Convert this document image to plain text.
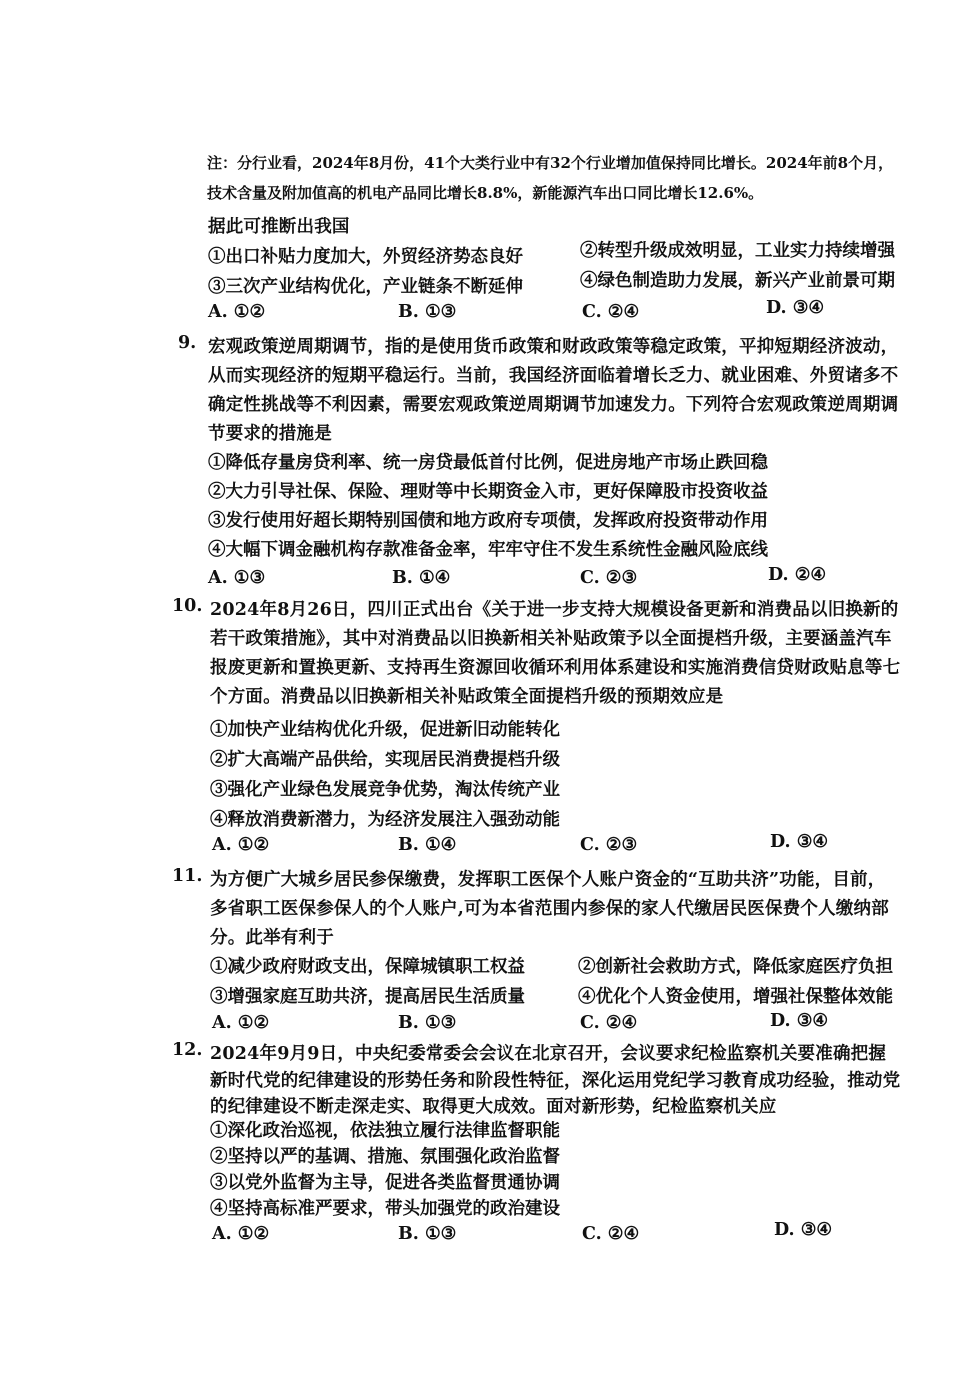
注：分行业看，2024年8月份，41个大类行业中有32个行业增加值保持同比增长。2024年前8个月，
技术含量及附加值高的机电产品同比增长8.8%，新能源汽车出口同比增长12.6%。
据此可推断出我国
①出口补贴力度加大，外贸经济势态良好	②转型升级成效明显，工业实力持续增强
③三次产业结构优化，产业链条不断延伸	④绿色制造助力发展，新兴产业前景可期
A. ①②	B. ①③	C. ②④	D. ③④
9. 宏观政策逆周期调节，指的是使用货币政策和财政政策等稳定政策，平抑短期经济波动，
从而实现经济的短期平稳运行。当前，我国经济面临着增长乏力、就业困难、外贸诸多不
确定性挑战等不利因素，需要宏观政策逆周期调节加速发力。下列符合宏观政策逆周期调
节要求的措施是
①降低存量房贷利率、统一房贷最低首付比例，促进房地产市场止跌回稳
②大力引导社保、保险、理财等中长期资金入市，更好保障股市投资收益
③发行使用好超长期特别国债和地方政府专项债，发挥政府投资带动作用
④大幅下调金融机构存款准备金率，牢牢守住不发生系统性金融风险底线
A. ①③	B. ①④	C. ②③	D. ②④
10. 2024年8月26日，四川正式出台《关于进一步支持大规模设备更新和消费品以旧换新的
若干政策措施》，其中对消费品以旧换新相关补贴政策予以全面提档升级，主要涵盖汽车
报废更新和置换更新、支持再生资源回收循环利用体系建设和实施消费信贷财政贴息等七
个方面。消费品以旧换新相关补贴政策全面提档升级的预期效应是
①加快产业结构优化升级，促进新旧动能转化
②扩大高端产品供给，实现居民消费提档升级
③强化产业绿色发展竞争优势，淘汰传统产业
④释放消费新潜力，为经济发展注入强劲动能
A. ①②	B. ①④	C. ②③	D. ③④
11. 为方便广大城乡居民参保缴费，发挥职工医保个人账户资金的“互助共济”功能，目前，
多省职工医保参保人的个人账户,可为本省范围内参保的家人代缴居民医保费个人缴纳部
分。此举有利于
①减少政府财政支出，保障城镇职工权益	②创新社会救助方式，降低家庭医疗负担
③增强家庭互助共济，提高居民生活质量	④优化个人资金使用，增强社保整体效能
A. ①②	B. ①③	C. ②④	D. ③④
12. 2024年9月9日，中央纪委常委会会议在北京召开，会议要求纪检监察机关要准确把握
新时代党的纪律建设的形势任务和阶段性特征，深化运用党纪学习教育成功经验，推动党
的纪律建设不断走深走实、取得更大成效。面对新形势，纪检监察机关应
①深化政治巡视，依法独立履行法律监督职能
②坚持以严的基调、措施、氛围强化政治监督
③以党外监督为主导，促进各类监督贯通协调
④坚持高标准严要求，带头加强党的政治建设
A. ①②	B. ①③	C. ②④	D. ③④
